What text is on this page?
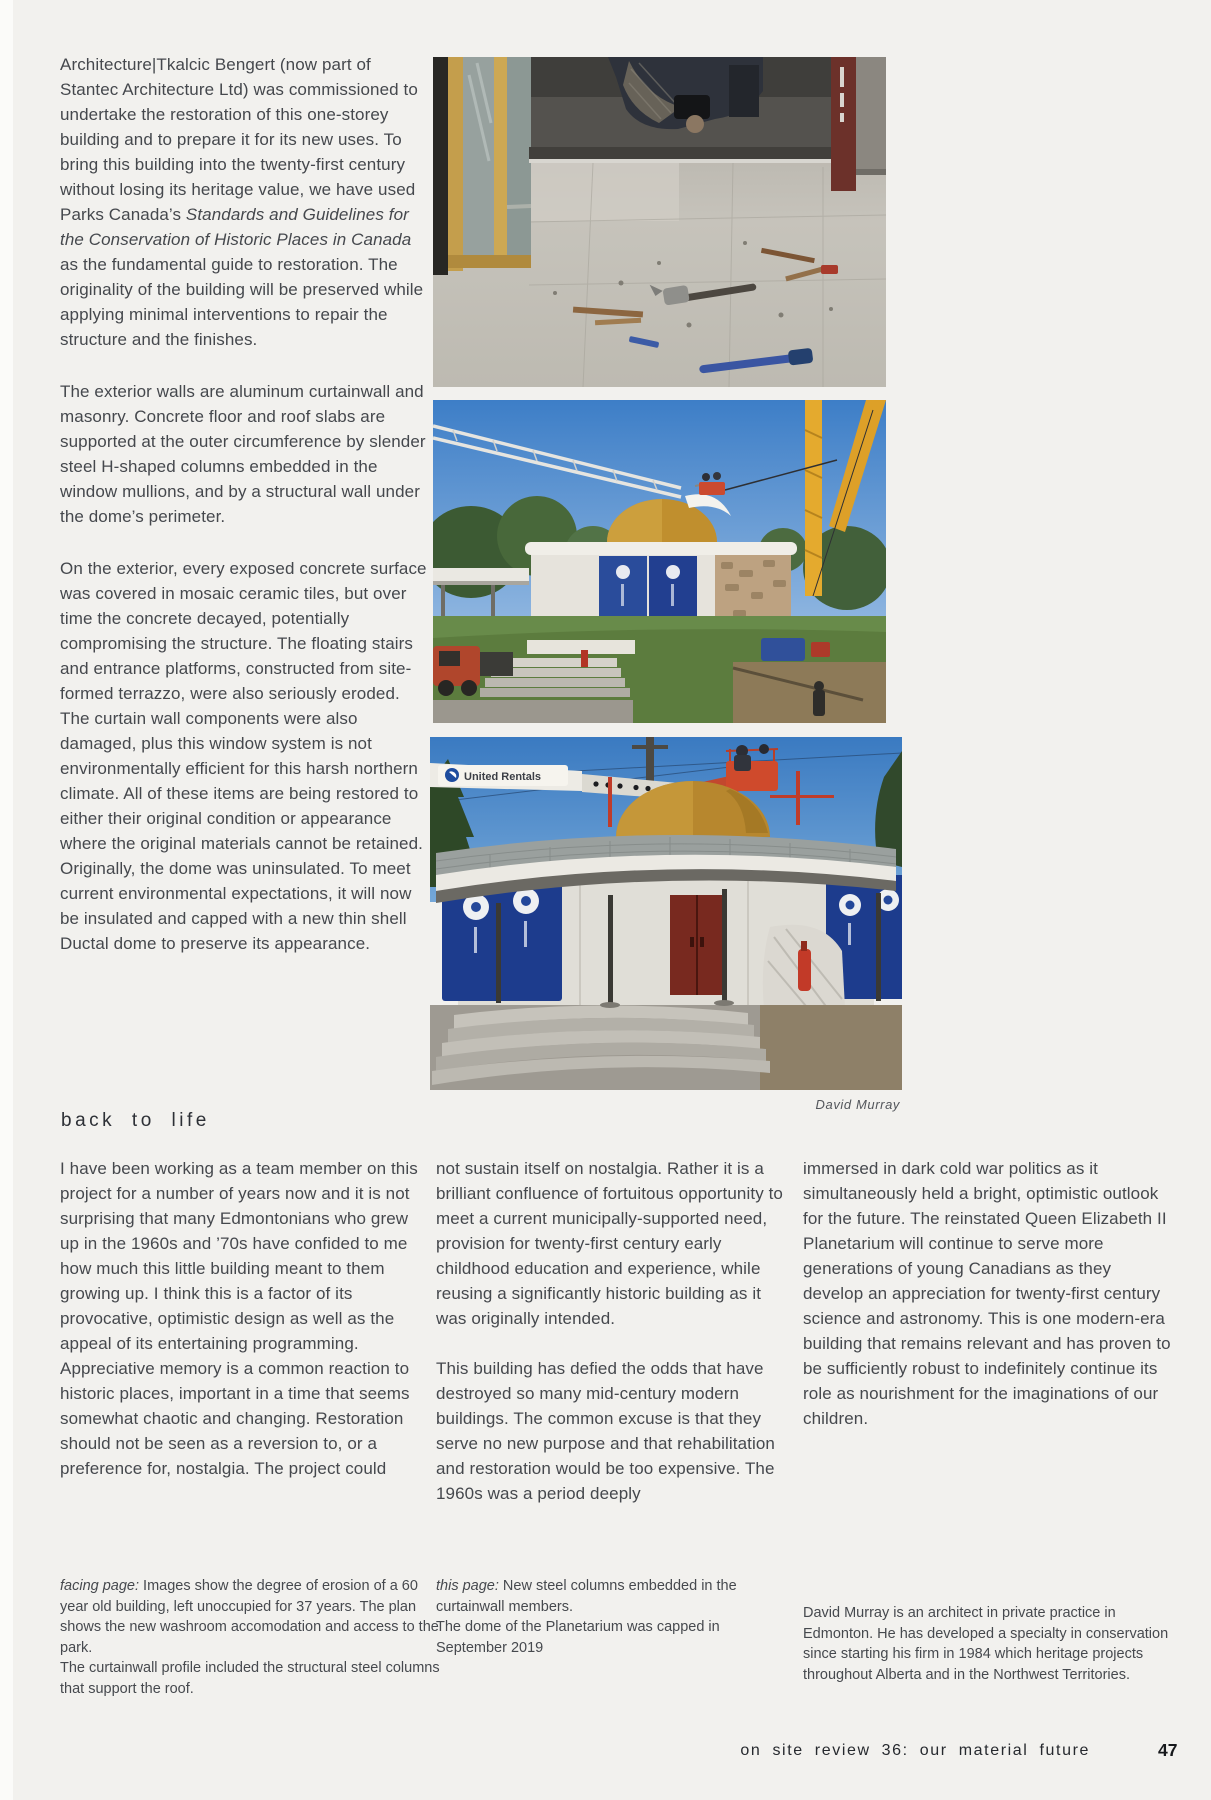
Architecture|Tkalcic Bengert (now part of Stantec Architecture Ltd) was commissioned to undertake the restoration of this one-storey building and to prepare it for its new uses. To bring this building into the twenty-first century without losing its heritage value, we have used Parks Canada’s Standards and Guidelines for the Conservation of Historic Places in Canada as the fundamental guide to restoration. The originality of the building will be preserved while applying minimal interventions to repair the structure and the finishes.

The exterior walls are aluminum curtainwall and masonry. Concrete floor and roof slabs are supported at the outer circumference by slender steel H-shaped columns embedded in the window mullions, and by a structural wall under the dome’s perimeter.

On the exterior, every exposed concrete surface was covered in mosaic ceramic tiles, but over time the concrete decayed, potentially compromising the structure. The floating stairs and entrance platforms, constructed from site-formed terrazzo, were also seriously eroded. The curtain wall components were also damaged, plus this window system is not environmentally efficient for this harsh northern climate. All of these items are being restored to either their original condition or appearance where the original materials cannot be retained. Originally, the dome was uninsulated. To meet current environmental expectations, it will now be insulated and capped with a new thin shell Ductal dome to preserve its appearance.

back to life
United Rentals
David Murray
I have been working as a team member on this project for a number of years now and it is not surprising that many Edmontonians who grew up in the 1960s and ’70s have confided to me how much this little building meant to them growing up. I think this is a factor of its provocative, optimistic design as well as the appeal of its entertaining programming. Appreciative memory is a common reaction to historic places, important in a time that seems somewhat chaotic and changing. Restoration should not be seen as a reversion to, or a preference for, nostalgia. The project could

not sustain itself on nostalgia. Rather it is a brilliant confluence of fortuitous opportunity to meet a current municipally-supported need, provision for twenty-first century early childhood education and experience, while reusing a significantly historic building as it was originally intended.

This building has defied the odds that have destroyed so many mid-century modern buildings. The common excuse is that they serve no new purpose and that rehabilitation and restoration would be too expensive. The 1960s was a period deeply

immersed in dark cold war politics as it simultaneously held a bright, optimistic outlook for the future. The reinstated Queen Elizabeth II Planetarium will continue to serve more generations of young Canadians as they develop an appreciation for twenty-first century science and astronomy. This is one modern-era building that remains relevant and has proven to be sufficiently robust to indefinitely continue its role as nourishment for the imaginations of our children.

facing page: Images show the degree of erosion of a 60 year old building, left unoccupied for 37 years. The plan shows the new washroom accomodation and access to the park.

The curtainwall profile included the structural steel columns that support the roof.

this page: New steel columns embedded in the curtainwall members.

The dome of the Planetarium was capped in September 2019

David Murray is an architect in private practice in Edmonton. He has developed a specialty in conservation since starting his firm in 1984 which heritage projects throughout Alberta and in the Northwest Territories.
on site review 36: our material future	47
